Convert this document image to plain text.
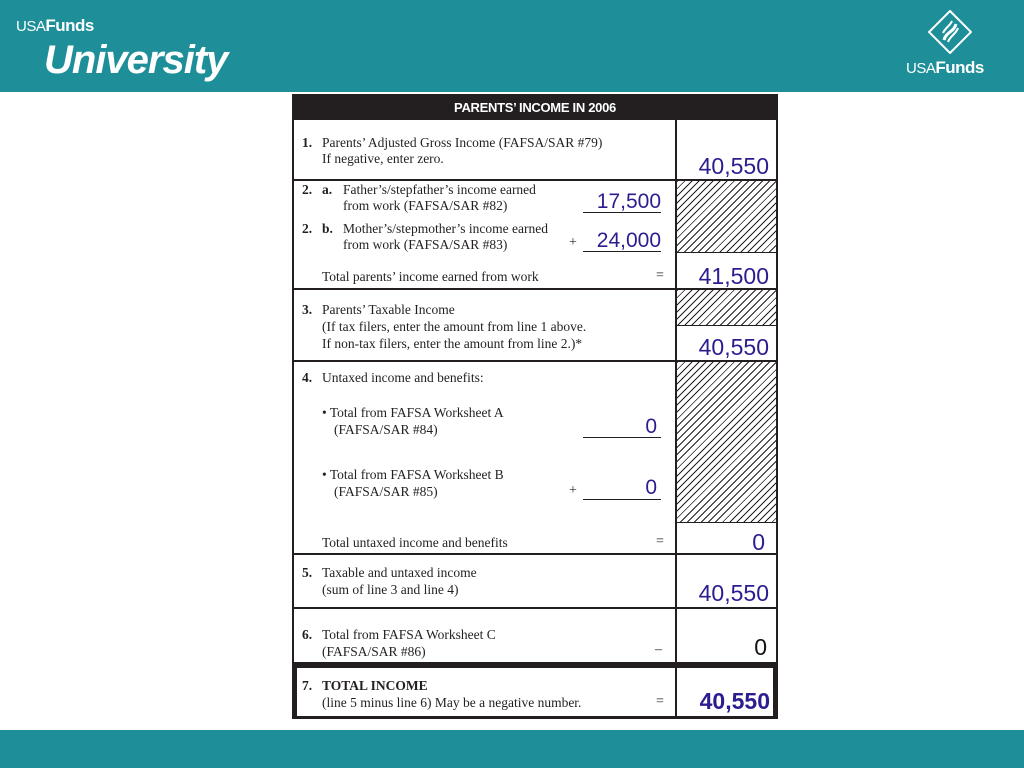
USAFunds
University	USAFunds
PARENTS’ INCOME IN 2006
1. Parents’ Adjusted Gross Income (FAFSA/SAR #79)
If negative, enter zero.	40,550
2. a. Father’s/stepfather’s income earned
from work (FAFSA/SAR #82)	17,500
2. b. Mother’s/stepmother’s income earned
from work (FAFSA/SAR #83)	+ 24,000
Total parents’ income earned from work	=	41,500
3. Parents’ Taxable Income
(If tax filers, enter the amount from line 1 above.
If non-tax filers, enter the amount from line 2.)*	40,550
4. Untaxed income and benefits:
• Total from FAFSA Worksheet A
(FAFSA/SAR #84)	0
• Total from FAFSA Worksheet B
(FAFSA/SAR #85)	+	0
Total untaxed income and benefits	=	0
5. Taxable and untaxed income
(sum of line 3 and line 4)	40,550
6. Total from FAFSA Worksheet C
(FAFSA/SAR #86)	–	0
7. TOTAL INCOME
(line 5 minus line 6) May be a negative number.	=	40,550
